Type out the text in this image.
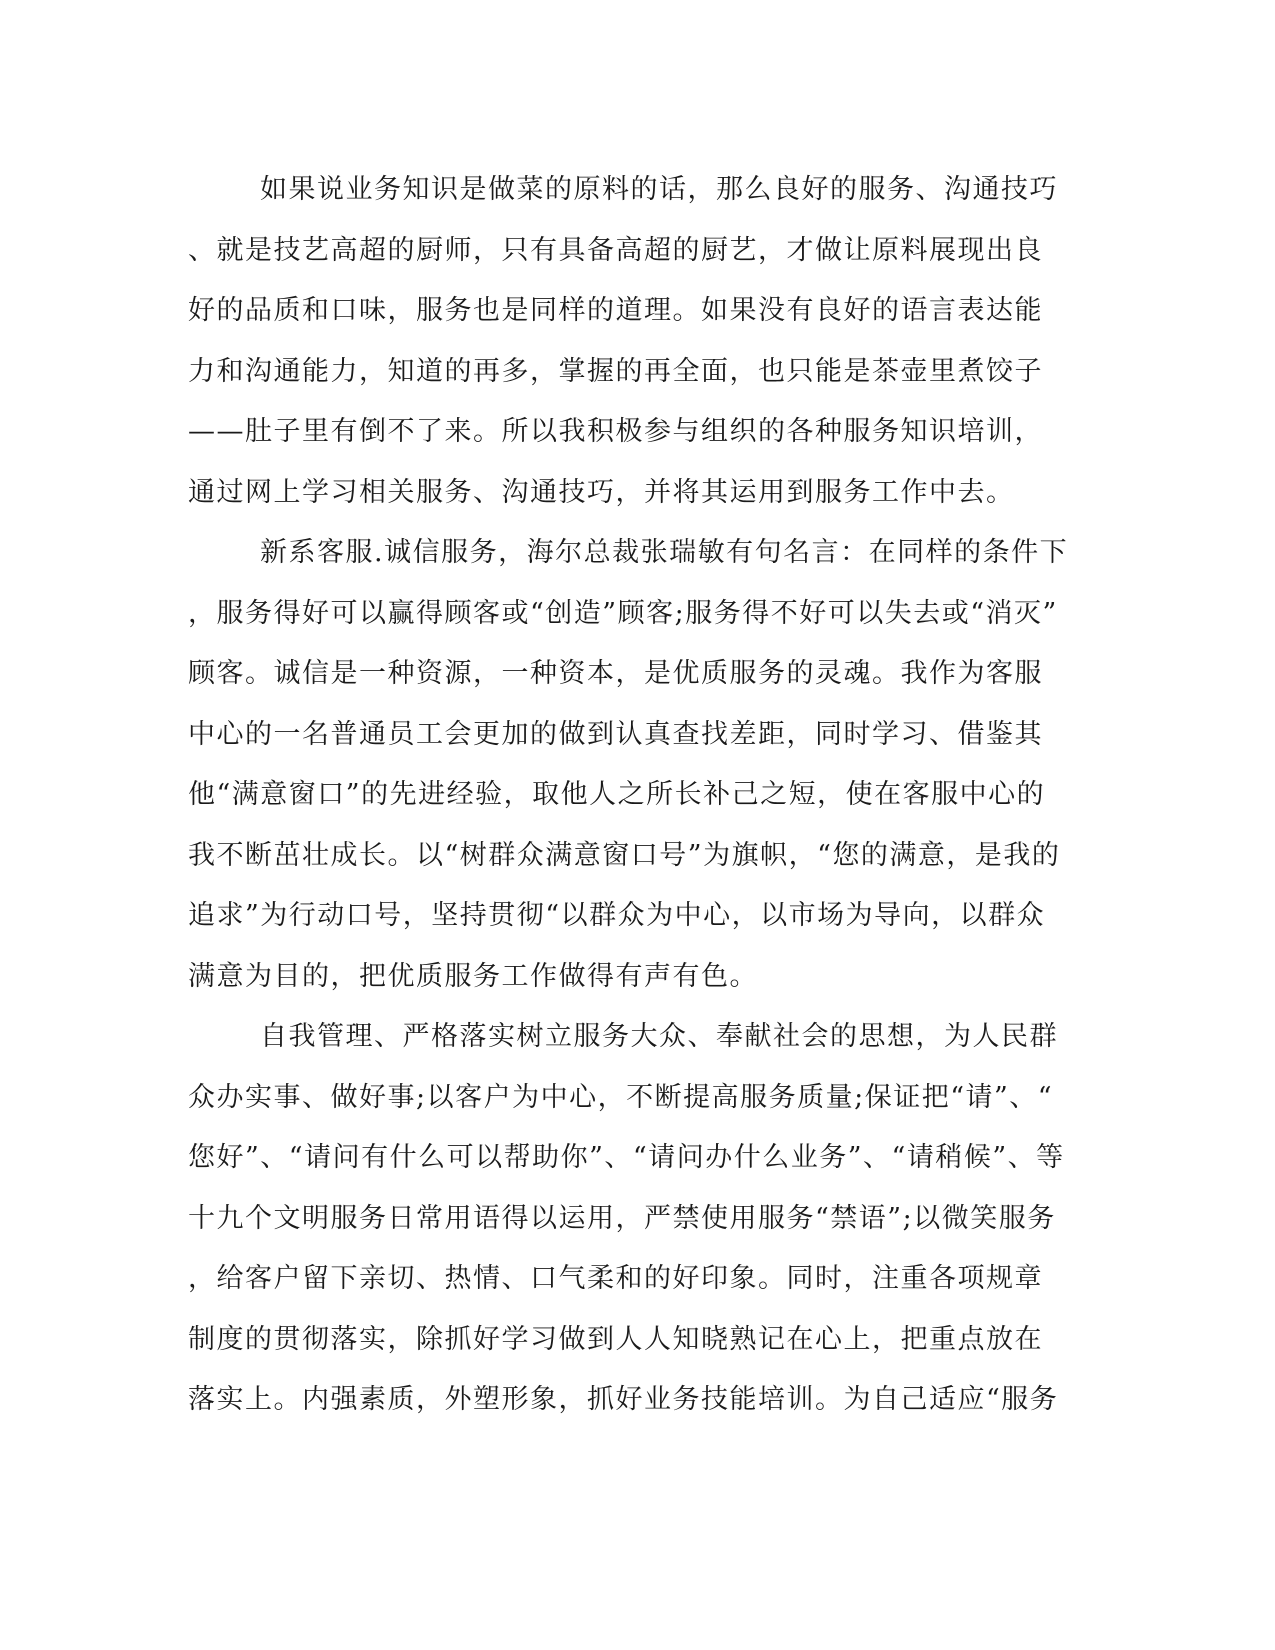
如果说业务知识是做菜的原料的话，那么良好的服务、沟通技巧
、就是技艺高超的厨师，只有具备高超的厨艺，才做让原料展现出良
好的品质和口味，服务也是同样的道理。如果没有良好的语言表达能
力和沟通能力，知道的再多，掌握的再全面，也只能是茶壶里煮饺子
——肚子里有倒不了来。所以我积极参与组织的各种服务知识培训，
通过网上学习相关服务、沟通技巧，并将其运用到服务工作中去。
新系客服.诚信服务，海尔总裁张瑞敏有句名言：在同样的条件下
，服务得好可以赢得顾客或“创造”顾客;服务得不好可以失去或“消灭”
顾客。诚信是一种资源，一种资本，是优质服务的灵魂。我作为客服
中心的一名普通员工会更加的做到认真查找差距，同时学习、借鉴其
他“满意窗口”的先进经验，取他人之所长补己之短，使在客服中心的
我不断茁壮成长。以“树群众满意窗口号”为旗帜，“您的满意，是我的
追求”为行动口号，坚持贯彻“以群众为中心，以市场为导向，以群众
满意为目的，把优质服务工作做得有声有色。
自我管理、严格落实树立服务大众、奉献社会的思想，为人民群
众办实事、做好事;以客户为中心，不断提高服务质量;保证把“请”、“
您好”、“请问有什么可以帮助你”、“请问办什么业务”、“请稍候”、等
十九个文明服务日常用语得以运用，严禁使用服务“禁语”;以微笑服务
，给客户留下亲切、热情、口气柔和的好印象。同时，注重各项规章
制度的贯彻落实，除抓好学习做到人人知晓熟记在心上，把重点放在
落实上。内强素质，外塑形象，抓好业务技能培训。为自己适应“服务
